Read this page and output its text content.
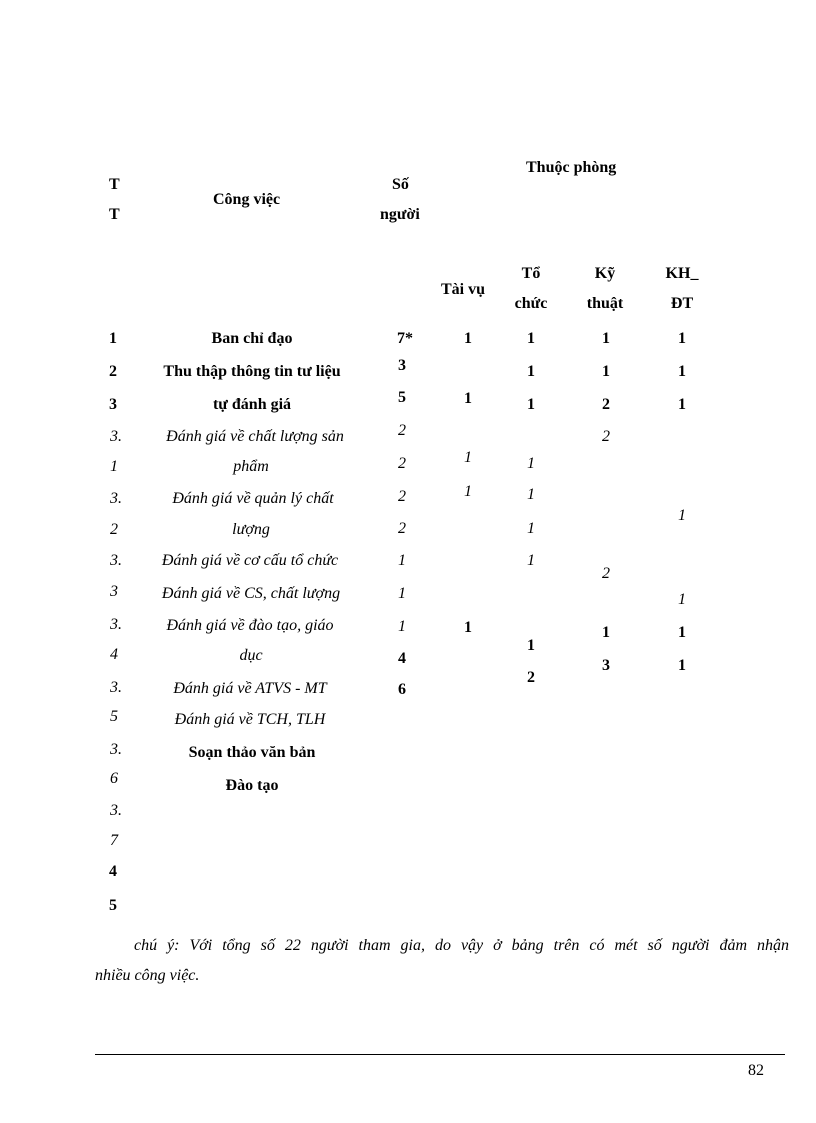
T
T
Công việc
Số
người
Thuộc phòng
Tài vụ
Tổ
chức
Kỹ
thuật
KH_
ĐT
1
2
3
3.
1
3.
2
3.
3
3.
4
3.
5
3.
6
3.
7
4
5
Ban chỉ đạo
Thu thập thông tin tư liệu
tự đánh giá
Đánh giá về chất lượng sản
phẩm
Đánh giá về quản lý chất
lượng
Đánh giá về cơ cấu tổ chức
Đánh giá về CS, chất lượng
Đánh giá về đào tạo, giáo
dục
Đánh giá về ATVS - MT
Đánh giá về TCH, TLH
Soạn thảo văn bản
Đào tạo
7*
3
5
2
2
2
2
1
1
1
4
6
1
1
1
1
1
1
1
1
1
1
1
1
1
2
1
1
2
2
2
1
3
1
1
1
1
1
1
1
chú ý: Với tổng số 22 người tham gia, do vậy ở bảng trên có mét số người đảm nhận
nhiều công việc.
82
